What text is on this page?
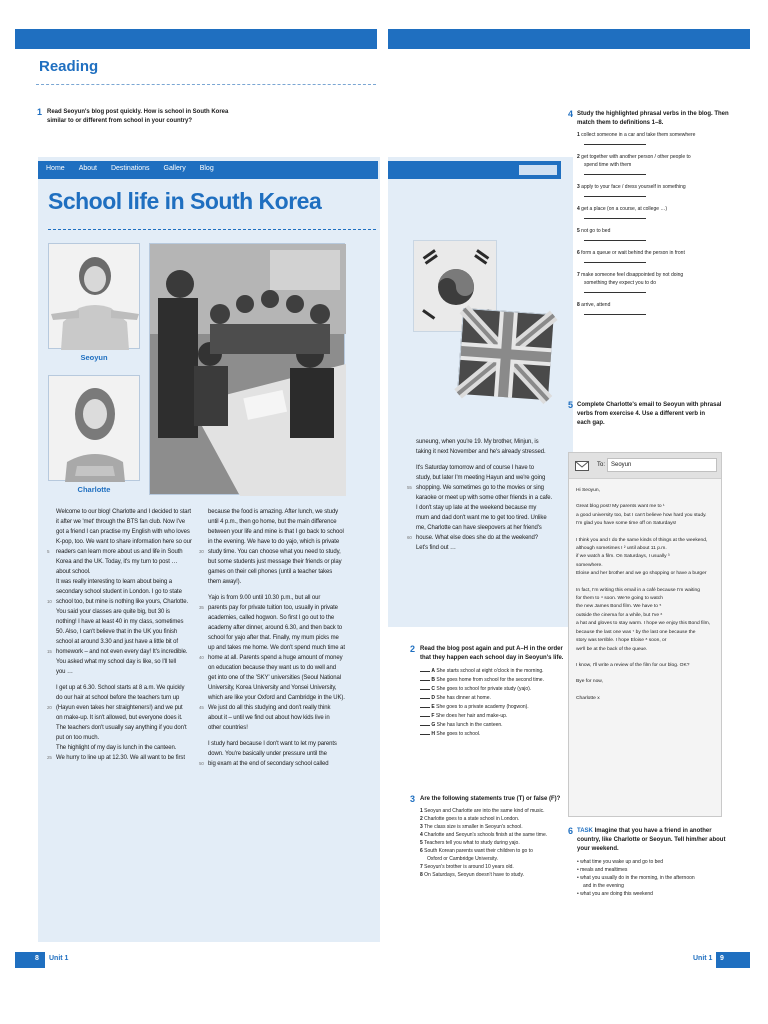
Reading
1 Read Seoyun's blog post quickly. How is school in South Korea
similar to or different from school in your country?
Home About Destinations Gallery Blog
School life in South Korea
Seoyun
Charlotte
Welcome to our blog! Charlotte and I decided to start
it after we 'met' through the BTS fan club. Now I've
got a friend I can practise my English with who loves
K-pop, too. We want to share information here so our
5	readers can learn more about us and life in South
Korea and the UK. Today, it's my turn to post …
about school.
It was really interesting to learn about being a
secondary school student in London. I go to state
10 school too, but mine is nothing like yours, Charlotte.
You said your classes are quite big, but 30 is
nothing! I have at least 40 in my class, sometimes
50. Also, I can't believe that in the UK you finish
school at around 3.30 and just have a little bit of
15 homework – and not even every day! It's incredible.
You asked what my school day is like, so I'll tell
you …
I get up at 6.30. School starts at 8 a.m. We quickly
do our hair at school before the teachers turn up
20 (Hayun even takes her straighteners!) and we put
on make-up. It isn't allowed, but everyone does it.
The teachers don't usually say anything if you don't
put on too much.
The highlight of my day is lunch in the canteen.
25 We hurry to line up at 12.30. We all want to be first
because the food is amazing. After lunch, we study
until 4 p.m., then go home, but the main difference
between your life and mine is that I go back to school
in the evening. We have to do yajo, which is private
30 study time. You can choose what you need to study,
but some students just message their friends or play
games on their cell phones (until a teacher takes
them away!).
Yajo is from 9.00 until 10.30 p.m., but all our
35 parents pay for private tuition too, usually in private
academies, called hogwon. So first I go out to the
academy after dinner, around 6.30, and then back to
school for yajo after that. Finally, my mum picks me
up and takes me home. We don't spend much time at
40 home at all. Parents spend a huge amount of money
on education because they want us to do well and
get into one of the 'SKY' universities (Seoul National
University, Korea University and Yonsei University,
which are like your Oxford and Cambridge in the UK).
45 We just do all this studying and don't really think
about it – until we find out about how kids live in
other countries!
I study hard because I don't want to let my parents
down. You're basically under pressure until the
50 big exam at the end of secondary school called
suneung, when you're 19. My brother, Minjun, is
taking it next November and he's already stressed.
It's Saturday tomorrow and of course I have to
study, but later I'm meeting Hayun and we're going
55 shopping. We sometimes go to the movies or sing
karaoke or meet up with some other friends in a cafe.
I don't stay up late at the weekend because my
mum and dad don't want me to get too tired. Unlike
me, Charlotte can have sleepovers at her friend's
60 house. What else does she do at the weekend?
Let's find out …
2 Read the blog post again and put A–H in the order
that they happen each school day in Seoyun's life.
A She starts school at eight o'clock in the morning.
B She goes home from school for the second time.
C She goes to school for private study (yajo).
D She has dinner at home.
E She goes to a private academy (hogwon).
F She does her hair and make-up.
G She has lunch in the canteen.
H She goes to school.
3 Are the following statements true (T) or false (F)?
1 Seoyun and Charlotte are into the same kind of music.
2 Charlotte goes to a state school in London.
3 The class size is smaller in Seoyun's school.
4 Charlotte and Seoyun's schools finish at the same time.
5 Teachers tell you what to study during yajo.
6 South Korean parents want their children to go to
Oxford or Cambridge University.
7 Seoyun's brother is around 10 years old.
8 On Saturdays, Seoyun doesn't have to study.
4 Study the highlighted phrasal verbs in the blog. Then
match them to definitions 1–8.
1 collect someone in a car and take them somewhere
2 get together with another person / other people to
spend time with them
3 apply to your face / dress yourself in something
4 get a place (on a course, at college …)
5 not go to bed
6 form a queue or wait behind the person in front
7 make someone feel disappointed by not doing
something they expect you to do
8 arrive, attend
5 Complete Charlotte's email to Seoyun with phrasal
verbs from exercise 4. Use a different verb in
each gap.
To: Seoyun
Hi Seoyun,
Great blog post! My parents want me to ¹
a good university too, but I can't believe how hard you study.
I'm glad you have some time off on Saturdays!
I think you and I do the same kinds of things at the weekend,
although sometimes I ² until about 11 p.m.
if we watch a film. On Saturdays, I usually ³
somewhere.
Eloise and her brother and we go shopping or have a burger
In fact, I'm writing this email in a café because I'm waiting
for them to ⁴ soon. We're going to watch
the new James Bond film. We have to ⁵
outside the cinema for a while, but I've ⁶
a hat and gloves to stay warm. I hope we enjoy this Bond film,
because the last one was ⁷ by the last one because the
story was terrible. I hope Eloise ⁸ soon, or
we'll be at the back of the queue.
I know, I'll write a review of the film for our blog. OK?
Bye for now,
Charlotte x
6 TASK Imagine that you have a friend in another
country, like Charlotte or Seoyun. Tell him/her about
your weekend.
• what time you wake up and go to bed
• meals and mealtimes
• what you usually do in the morning, in the afternoon
and in the evening
• what you are doing this weekend
8 Unit 1	Unit 1 9
